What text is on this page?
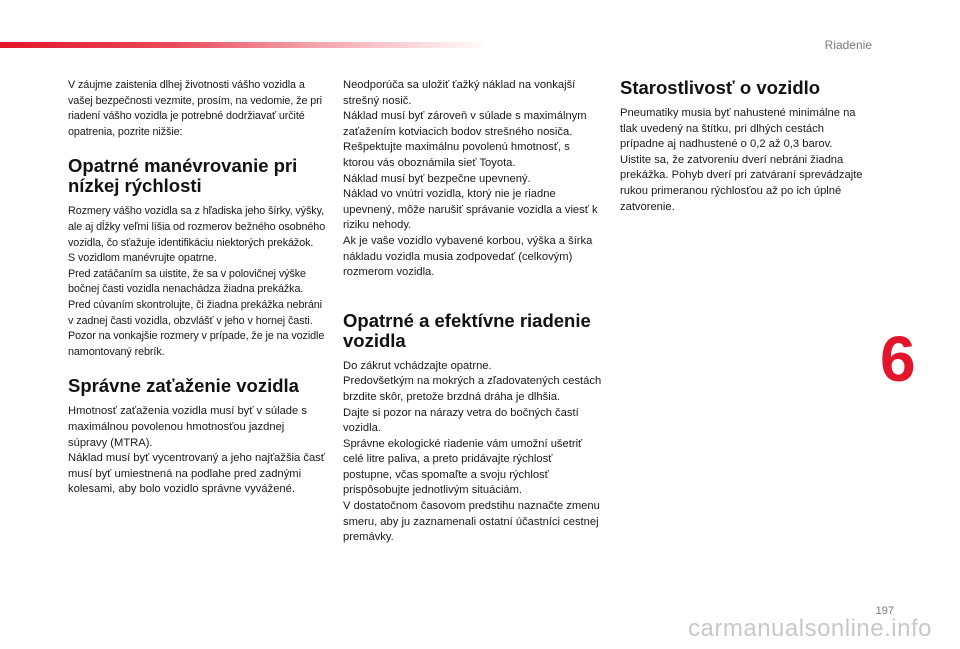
Riadenie

V záujme zaistenia dlhej životnosti vášho vozidla a vašej bezpečnosti vezmite, prosím, na vedomie, že pri riadení vášho vozidla je potrebné dodržiavať určité opatrenia, pozrite nižšie:

Opatrné manévrovanie pri nízkej rýchlosti

Rozmery vášho vozidla sa z hľadiska jeho šírky, výšky, ale aj dĺžky veľmi líšia od rozmerov bežného osobného vozidla, čo sťažuje identifikáciu niektorých prekážok.
S vozidlom manévrujte opatrne.
Pred zatáčaním sa uistite, že sa v polovičnej výške bočnej časti vozidla nenachádza žiadna prekážka.
Pred cúvaním skontrolujte, či žiadna prekážka nebráni v zadnej časti vozidla, obzvlášť v jeho v hornej časti.
Pozor na vonkajšie rozmery v prípade, že je na vozidle namontovaný rebrík.

Správne zaťaženie vozidla

Hmotnosť zaťaženia vozidla musí byť v súlade s maximálnou povolenou hmotnosťou jazdnej súpravy (MTRA).
Náklad musí byť vycentrovaný a jeho najťažšia časť musí byť umiestnená na podlahe pred zadnými kolesami, aby bolo vozidlo správne vyvážené.

Neodporúča sa uložiť ťažký náklad na vonkajší strešný nosič.
Náklad musí byť zároveň v súlade s maximálnym zaťažením kotviacich bodov strešného nosiča. Rešpektujte maximálnu povolenú hmotnosť, s ktorou vás oboznámila sieť Toyota.
Náklad musí byť bezpečne upevnený.
Náklad vo vnútri vozidla, ktorý nie je riadne upevnený, môže narušiť správanie vozidla a viesť k riziku nehody.
Ak je vaše vozidlo vybavené korbou, výška a šírka nákladu vozidla musia zodpovedať (celkovým) rozmerom vozidla.

Opatrné a efektívne riadenie vozidla

Do zákrut vchádzajte opatrne.
Predovšetkým na mokrých a zľadovatených cestách brzdite skôr, pretože brzdná dráha je dlhšia.
Dajte si pozor na nárazy vetra do bočných častí vozidla.
Správne ekologické riadenie vám umožní ušetriť celé litre paliva, a preto pridávajte rýchlosť postupne, včas spomaľte a svoju rýchlosť prispôsobujte jednotlivým situáciám.
V dostatočnom časovom predstihu naznačte zmenu smeru, aby ju zaznamenali ostatní účastníci cestnej premávky.

Starostlivosť o vozidlo

Pneumatiky musia byť nahustené minimálne na tlak uvedený na štítku, pri dlhých cestách prípadne aj nadhustené o 0,2 až 0,3 barov.
Uistite sa, že zatvoreniu dverí nebráni žiadna prekážka. Pohyb dverí pri zatváraní sprevádzajte rukou primeranou rýchlosťou až po ich úplné zatvorenie.

6
197
carmanualsonline.info
